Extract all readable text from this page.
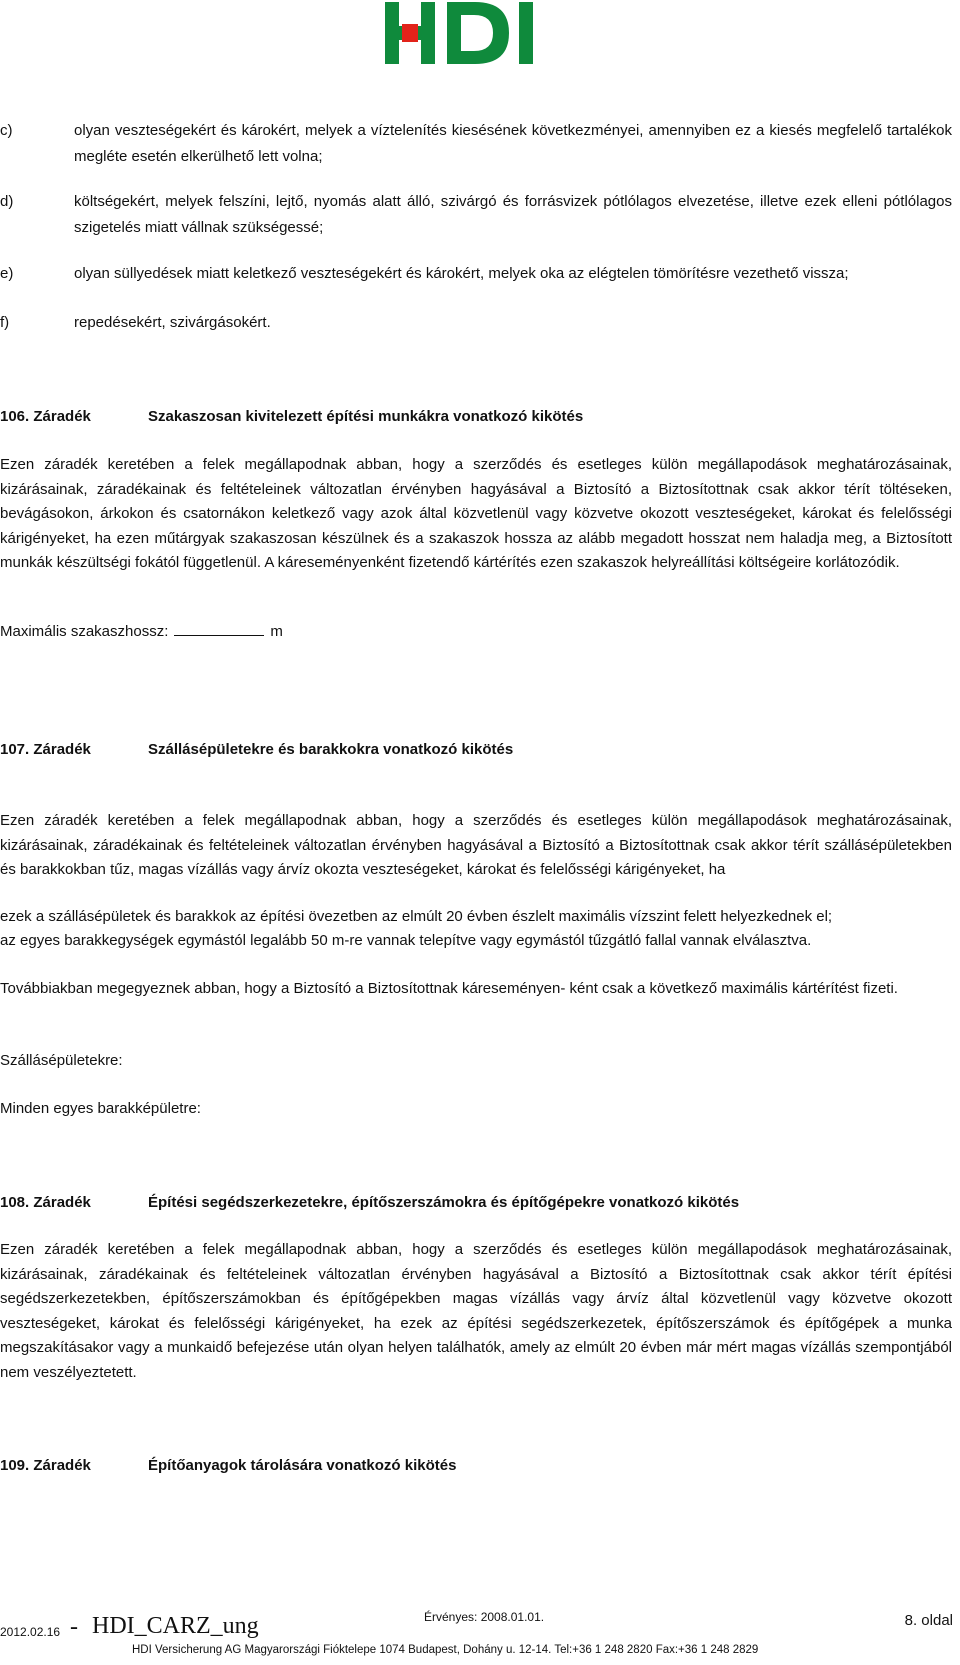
c)	olyan veszteségekért és károkért, melyek a víztelenítés kiesésének következményei, amennyiben ez a kiesés megfelelő tartalékok megléte esetén elkerülhető lett volna;
d)	költségekért, melyek felszíni, lejtő, nyomás alatt álló, szivárgó és forrásvizek pótlólagos elvezetése, illetve ezek elleni pótlólagos szigetelés miatt vállnak szükségessé;
e)	olyan süllyedések miatt keletkező veszteségekért és károkért, melyek oka az elégtelen tömörítésre vezethető vissza;
f)	repedésekért, szivárgásokért.
106. Záradék	Szakaszosan kivitelezett építési munkákra vonatkozó kikötés

Ezen záradék keretében a felek megállapodnak abban, hogy a szerződés és esetleges külön megállapodások meghatározásainak, kizárásainak, záradékainak és feltételeinek változatlan érvényben hagyásával a Biztosító a Biztosítottnak csak akkor térít töltéseken, bevágásokon, árkokon és csatornákon keletkező vagy azok által közvetlenül vagy közvetve okozott veszteségeket, károkat és felelősségi kárigényeket, ha ezen műtárgyak szakaszosan készülnek és a szakaszok hossza az alább megadott hosszat nem haladja meg, a Biztosított munkák készültségi fokától függetlenül. A káreseményenként fizetendő kártérítés ezen szakaszok helyreállítási költségeire korlátozódik.

Maximális szakaszhossz:	m

107. Záradék	Szállásépületekre és barakkokra vonatkozó kikötés

Ezen záradék keretében a felek megállapodnak abban, hogy a szerződés és esetleges külön megállapodások meghatározásainak, kizárásainak, záradékainak és feltételeinek változatlan érvényben hagyásával a Biztosító a Biztosítottnak csak akkor térít szállásépületekben és barakkokban tűz, magas vízállás vagy árvíz okozta veszteségeket, károkat és felelősségi kárigényeket, ha

ezek a szállásépületek és barakkok az építési övezetben az elmúlt 20 évben észlelt maximális vízszint felett helyezkednek el;

az egyes barakkegységek egymástól legalább 50 m-re vannak telepítve vagy egymástól tűzgátló fallal vannak elválasztva.

Továbbiakban megegyeznek abban, hogy a Biztosító a Biztosítottnak káreseményen- ként csak a következő maximális kártérítést fizeti.

Szállásépületekre:

Minden egyes barakképületre:

108. Záradék	Építési segédszerkezetekre, építőszerszámokra és építőgépekre vonatkozó kikötés

Ezen záradék keretében a felek megállapodnak abban, hogy a szerződés és esetleges külön megállapodások meghatározásainak, kizárásainak, záradékainak és feltételeinek változatlan érvényben hagyásával a Biztosító a Biztosítottnak csak akkor térít építési segédszerkezetekben, építőszerszámokban és építőgépekben magas vízállás vagy árvíz által közvetlenül vagy közvetve okozott veszteségeket, károkat és felelősségi kárigényeket, ha ezek az építési segédszerkezetek, építőszerszámok és építőgépek a munka megszakításakor vagy a munkaidő befejezése után olyan helyen találhatók, amely az elmúlt 20 évben már mért magas vízállás szempontjából nem veszélyeztetett.

109. Záradék	Építőanyagok tárolására vonatkozó kikötés
2012.02.16 - HDI_CARZ_ung	Érvényes: 2008.01.01.	8. oldal
HDI Versicherung AG Magyarországi Fióktelepe 1074 Budapest, Dohány u. 12-14. Tel:+36 1 248 2820 Fax:+36 1 248 2829
